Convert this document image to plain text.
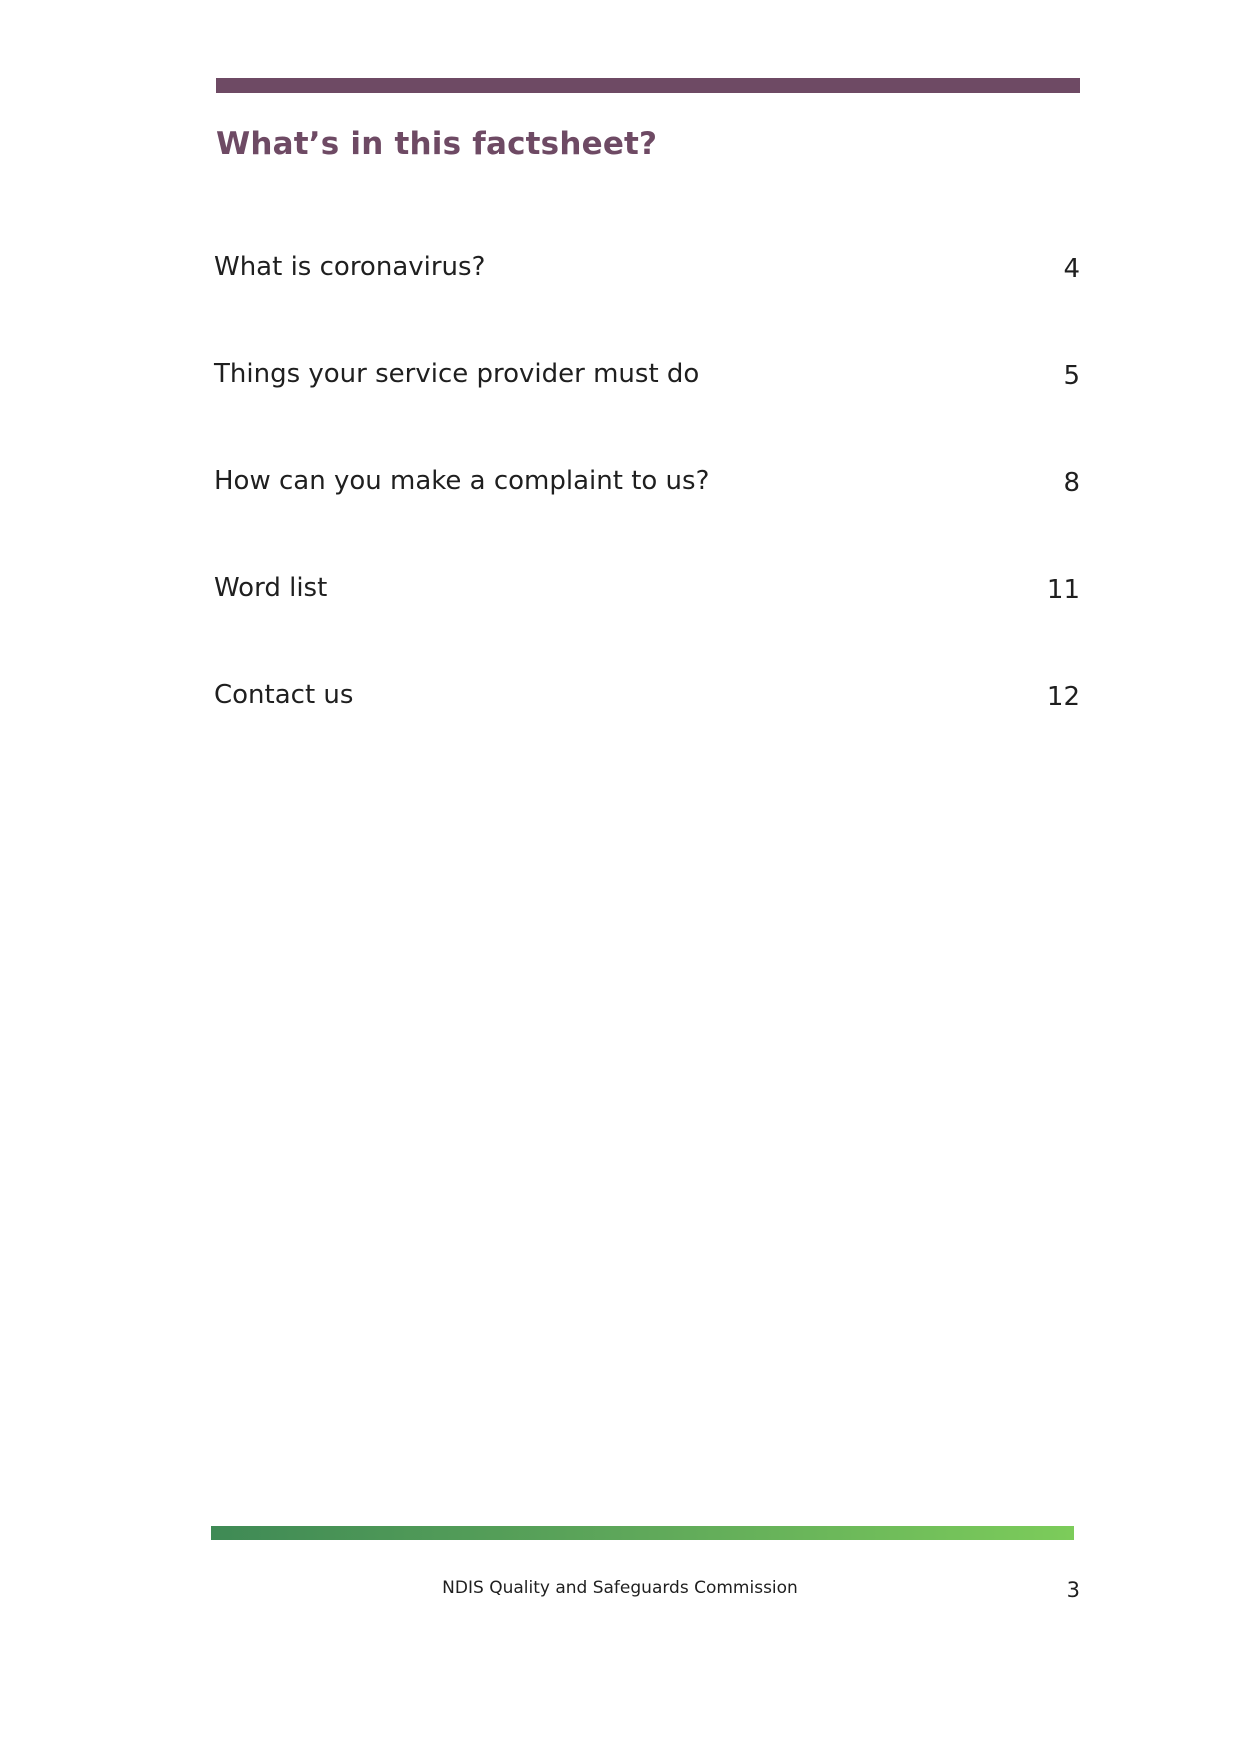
What’s in this factsheet?
What is coronavirus?	4
Things your service provider must do	5
How can you make a complaint to us?	8
Word list	11
Contact us	12
NDIS Quality and Safeguards Commission	3
